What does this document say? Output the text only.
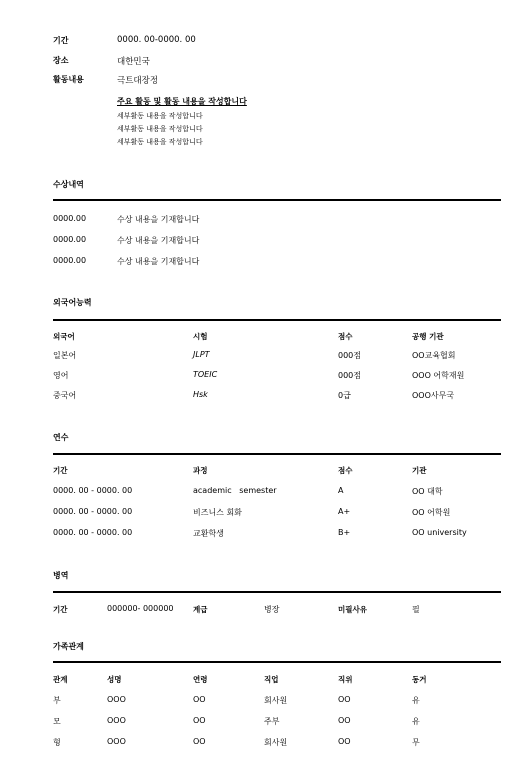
기간	0000. 00-0000. 00
장소	대한민국
활동내용	극트대장정
주요 활동 및 활동 내용을 작성합니다
세부활동 내용을 작성합니다
세부활동 내용을 작성합니다
세부활동 내용을 작성합니다
수상내역
0000.00	수상 내용을 기재합니다
0000.00	수상 내용을 기재합니다
0000.00	수상 내용을 기재합니다
외국어능력
외국어	시험	점수	공행 기관
일본어	JLPT	000점	OO교육협회
영어	TOEIC	000점	OOO 어학재원
중국어	Hsk	0급	OOO사무국
연수
기간	과정	점수	기관
0000. 00 - 0000. 00	academic   semester	A	OO 대학
0000. 00 - 0000. 00	비즈니스 회화	A+	OO 어학원
0000. 00 - 0000. 00	교환학생	B+	OO university
병역
기간	000000- 000000	계급	병장	미필사유	필
가족관계
관계	성명	연령	직업	직위	동거
부	OOO	OO	회사원	OO	유
모	OOO	OO	주부	OO	유
형	OOO	OO	회사원	OO	무
